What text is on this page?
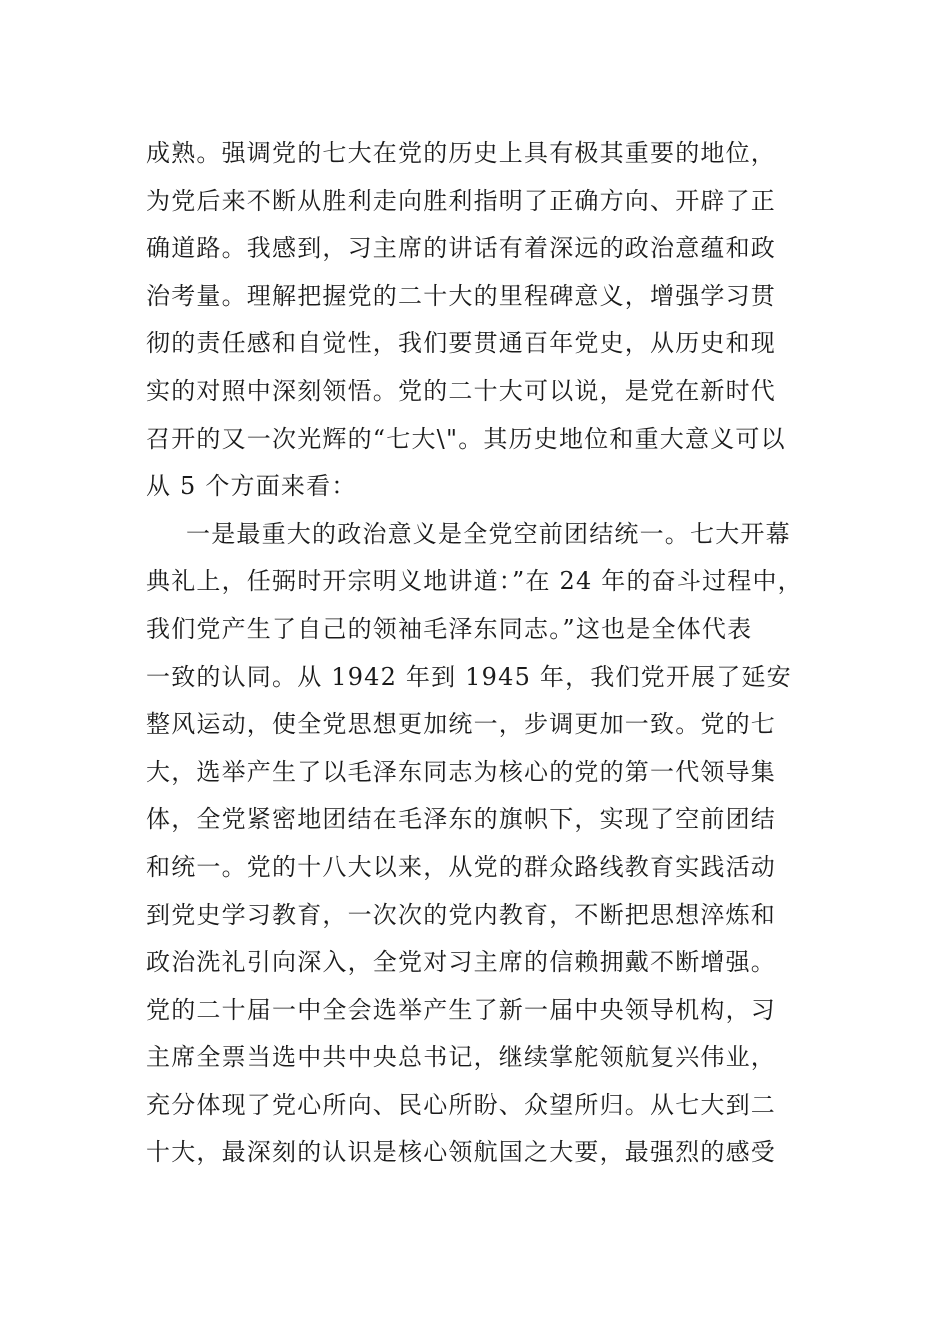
成熟。强调党的七大在党的历史上具有极其重要的地位，
为党后来不断从胜利走向胜利指明了正确方向、开辟了正
确道路。我感到，习主席的讲话有着深远的政治意蕴和政
治考量。理解把握党的二十大的里程碑意义，增强学习贯
彻的责任感和自觉性，我们要贯通百年党史，从历史和现
实的对照中深刻领悟。党的二十大可以说，是党在新时代
召开的又一次光辉的“七大\"。其历史地位和重大意义可以
从 5 个方面来看：
一是最重大的政治意义是全党空前团结统一。七大开幕
典礼上，任弼时开宗明义地讲道：”在 24 年的奋斗过程中，
我们党产生了自己的领袖毛泽东同志。”这也是全体代表
一致的认同。从 1942 年到 1945 年，我们党开展了延安
整风运动，使全党思想更加统一，步调更加一致。党的七
大，选举产生了以毛泽东同志为核心的党的第一代领导集
体，全党紧密地团结在毛泽东的旗帜下，实现了空前团结
和统一。党的十八大以来，从党的群众路线教育实践活动
到党史学习教育，一次次的党内教育，不断把思想淬炼和
政治洗礼引向深入，全党对习主席的信赖拥戴不断增强。
党的二十届一中全会选举产生了新一届中央领导机构，习
主席全票当选中共中央总书记，继续掌舵领航复兴伟业，
充分体现了党心所向、民心所盼、众望所归。从七大到二
十大，最深刻的认识是核心领航国之大要，最强烈的感受
